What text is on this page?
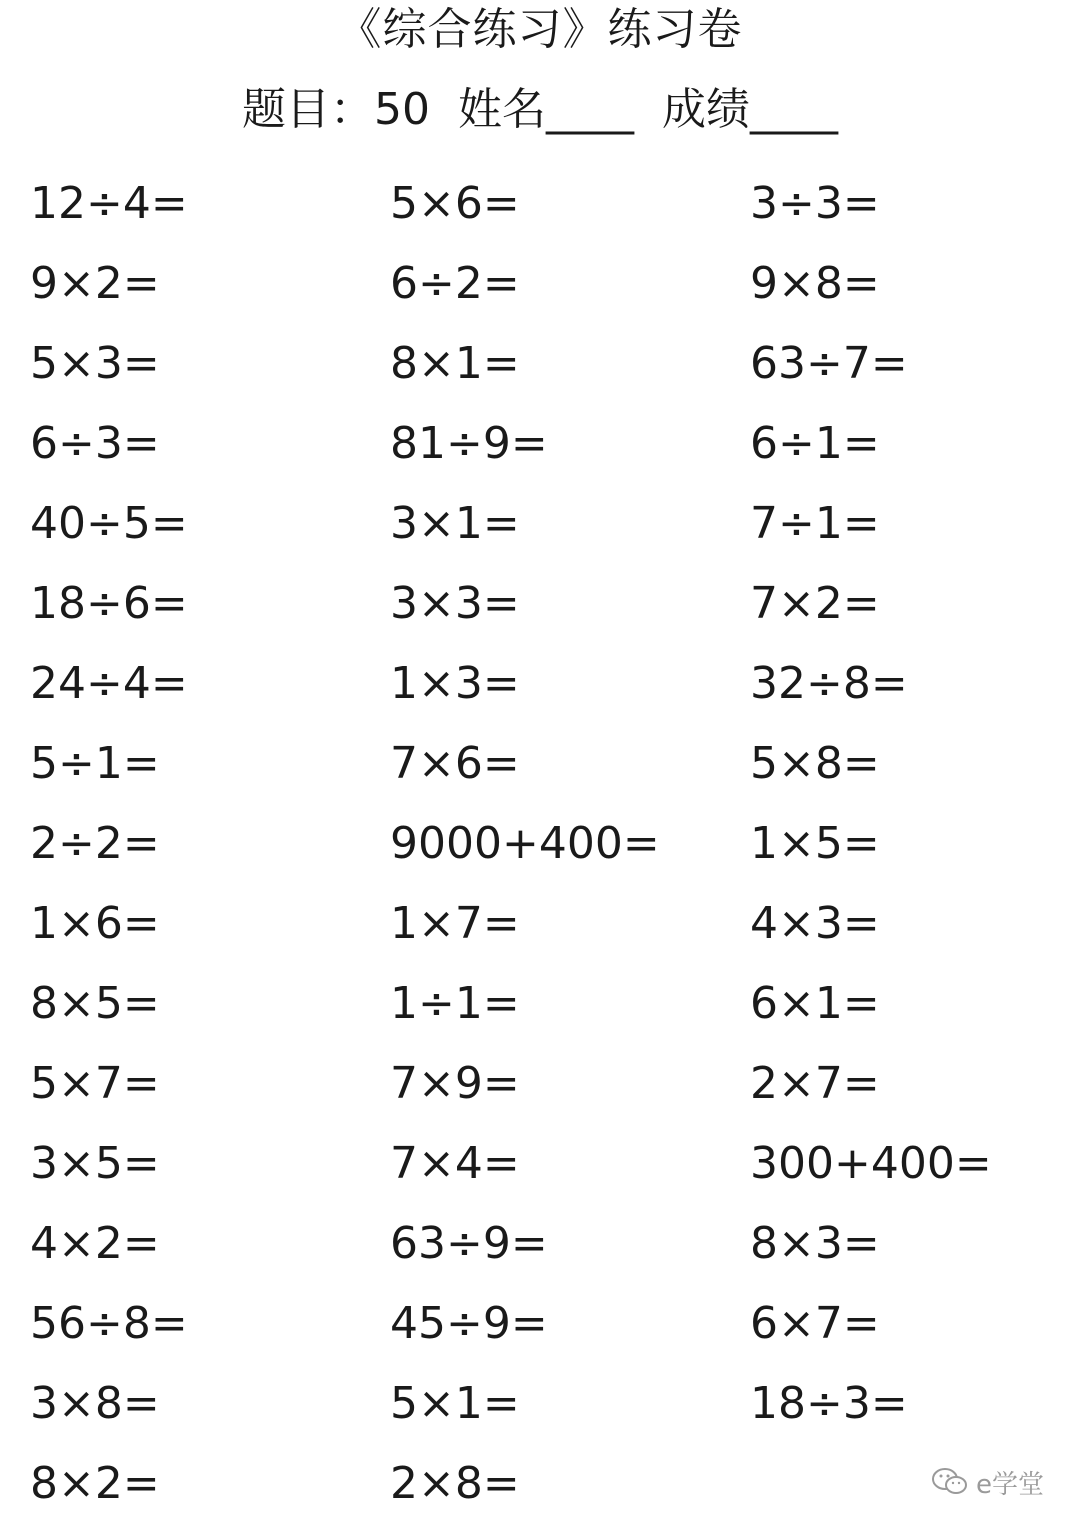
《综合练习》练习卷
题目：50  姓名____  成绩____
12÷4=	5×6=	3÷3=
9×2=	6÷2=	9×8=
5×3=	8×1=	63÷7=
6÷3=	81÷9=	6÷1=
40÷5=	3×1=	7÷1=
18÷6=	3×3=	7×2=
24÷4=	1×3=	32÷8=
5÷1=	7×6=	5×8=
2÷2=	9000+400= 1×5=
1×6=	1×7=	4×3=
8×5=	1÷1=	6×1=
5×7=	7×9=	2×7=
3×5=	7×4=	300+400=
4×2=	63÷9=	8×3=
56÷8=	45÷9=	6×7=
3×8=	5×1=	18÷3=
8×2=	2×8=	e学堂
